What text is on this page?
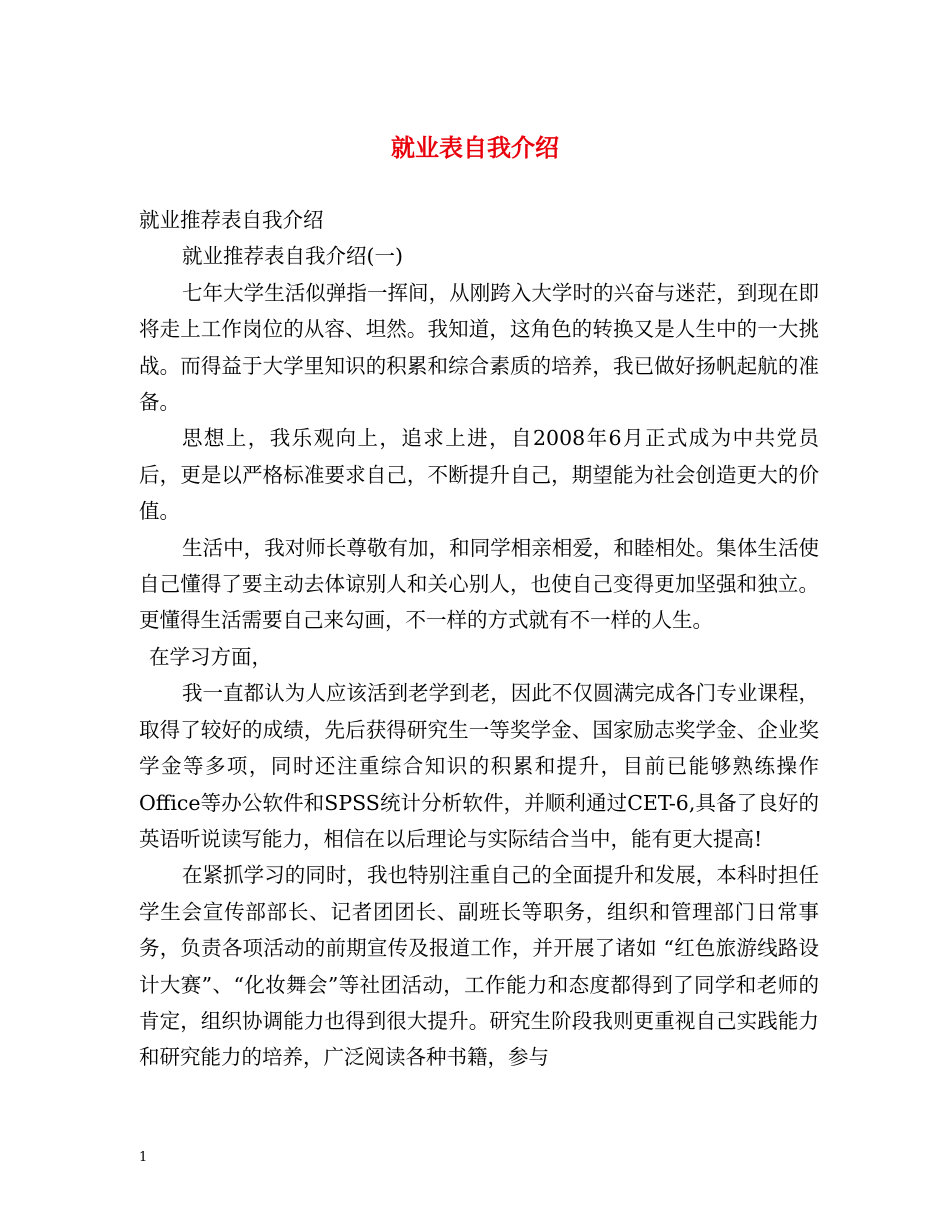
就业表自我介绍

就业推荐表自我介绍

就业推荐表自我介绍(一)

七年大学生活似弹指一挥间，从刚跨入大学时的兴奋与迷茫，到现在即将走上工作岗位的从容、坦然。我知道，这角色的转换又是人生中的一大挑战。而得益于大学里知识的积累和综合素质的培养，我已做好扬帆起航的准备。

思想上，我乐观向上，追求上进，自2008年6月正式成为中共党员后，更是以严格标准要求自己，不断提升自己，期望能为社会创造更大的价值。

生活中，我对师长尊敬有加，和同学相亲相爱，和睦相处。集体生活使自己懂得了要主动去体谅别人和关心别人，也使自己变得更加坚强和独立。更懂得生活需要自己来勾画，不一样的方式就有不一样的人生。

在学习方面，

我一直都认为人应该活到老学到老，因此不仅圆满完成各门专业课程，取得了较好的成绩，先后获得研究生一等奖学金、国家励志奖学金、企业奖学金等多项，同时还注重综合知识的积累和提升，目前已能够熟练操作Office等办公软件和SPSS统计分析软件，并顺利通过CET-6,具备了良好的英语听说读写能力，相信在以后理论与实际结合当中，能有更大提高!

在紧抓学习的同时，我也特别注重自己的全面提升和发展，本科时担任学生会宣传部部长、记者团团长、副班长等职务，组织和管理部门日常事务，负责各项活动的前期宣传及报道工作，并开展了诸如 “红色旅游线路设计大赛”、“化妆舞会”等社团活动，工作能力和态度都得到了同学和老师的肯定，组织协调能力也得到很大提升。研究生阶段我则更重视自己实践能力和研究能力的培养，广泛阅读各种书籍，参与

1
